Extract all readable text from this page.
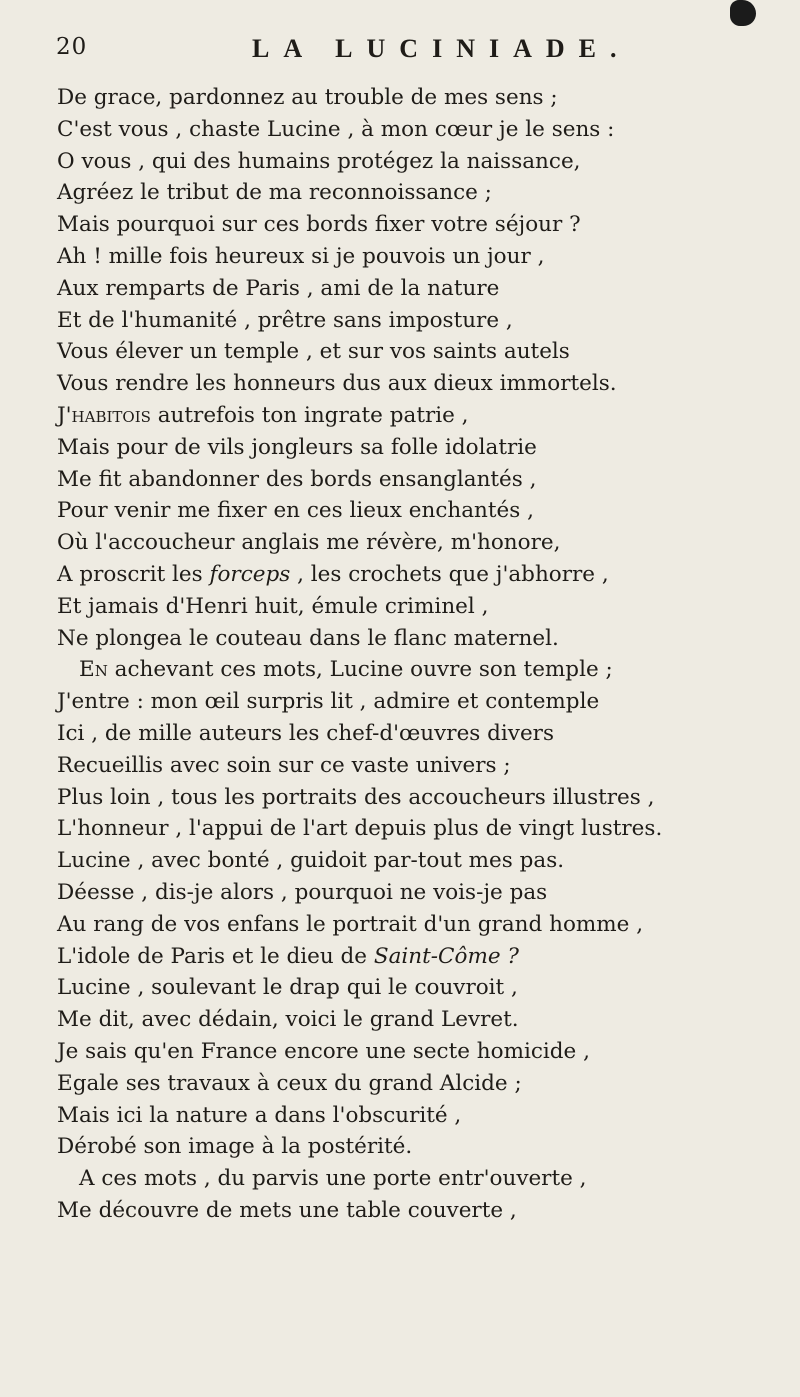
20	LA LUCINIADE.
De grace, pardonnez au trouble de mes sens ;
C'est vous , chaste Lucine , à mon cœur je le sens :
O vous , qui des humains protégez la naissance,
Agréez le tribut de ma reconnoissance ;
Mais pourquoi sur ces bords fixer votre séjour ?
Ah ! mille fois heureux si je pouvois un jour ,
Aux remparts de Paris , ami de la nature
Et de l'humanité , prêtre sans imposture ,
Vous élever un temple , et sur vos saints autels
Vous rendre les honneurs dus aux dieux immortels.
J'habitois autrefois ton ingrate patrie ,
Mais pour de vils jongleurs sa folle idolatrie
Me fit abandonner des bords ensanglantés ,
Pour venir me fixer en ces lieux enchantés ,
Où l'accoucheur anglais me révère, m'honore,
A proscrit les forceps , les crochets que j'abhorre ,
Et jamais d'Henri huit, émule criminel ,
Ne plongea le couteau dans le flanc maternel.
En achevant ces mots, Lucine ouvre son temple ;
J'entre : mon œil surpris lit , admire et contemple
Ici , de mille auteurs les chef-d'œuvres divers
Recueillis avec soin sur ce vaste univers ;
Plus loin , tous les portraits des accoucheurs illustres ,
L'honneur , l'appui de l'art depuis plus de vingt lustres.
Lucine , avec bonté , guidoit par-tout mes pas.
Déesse , dis-je alors , pourquoi ne vois-je pas
Au rang de vos enfans le portrait d'un grand homme ,
L'idole de Paris et le dieu de Saint-Côme ?
Lucine , soulevant le drap qui le couvroit ,
Me dit, avec dédain, voici le grand Levret.
Je sais qu'en France encore une secte homicide ,
Egale ses travaux à ceux du grand Alcide ;
Mais ici la nature a dans l'obscurité ,
Dérobé son image à la postérité.
A ces mots , du parvis une porte entr'ouverte ,
Me découvre de mets une table couverte ,
